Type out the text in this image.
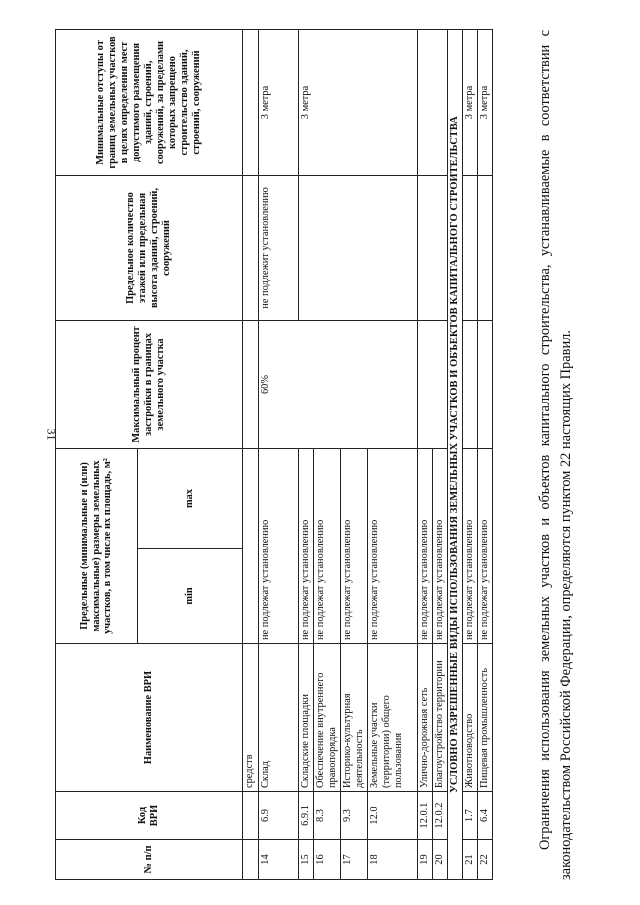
31
№ п/п	Код ВРИ	Наименование ВРИ	Предельные (минимальные и (или) максимальные) размеры земельных участков, в том числе их площадь, м²		Максимальный процент застройки в границах земельного участка	Предельное количество этажей или предельная высота зданий, строений, сооружений	Минимальные отступы от границ земельных участков в целях определения мест допустимого размещения зданий, строений, сооружений, за пределами которых запрещено строительство зданий, строений, сооружений
			min	max			
		средств					
14	6.9	Склад	не подлежат установлению		60%	не подлежит установлению	3 метра
15	6.9.1	Складские площадки	не подлежат установлению				3 метра
16	8.3	Обеспечение внутреннего правопорядка	не подлежат установлению				
17	9.3	Историко-культурная деятельность	не подлежат установлению				
18	12.0	Земельные участки (территории) общего пользования	не подлежат установлению				
19	12.0.1	Улично-дорожная сеть	не подлежат установлению				
20	12.0.2	Благоустройство территории	не подлежат установлению				
УСЛОВНО РАЗРЕШЕННЫЕ ВИДЫ ИСПОЛЬЗОВАНИЯ ЗЕМЕЛЬНЫХ УЧАСТКОВ И ОБЪЕКТОВ КАПИТАЛЬНОГО СТРОИТЕЛЬСТВА							
21	1.7	Животноводство	не подлежат установлению				3 метра
22	6.4	Пищевая промышленность	не подлежат установлению				3 метра	Ограничения использования земельных участков и объектов капитального строительства, устанавливаемые в соответствии с законодательством Российской Федерации, определяются пунктом 22 настоящих Правил.
